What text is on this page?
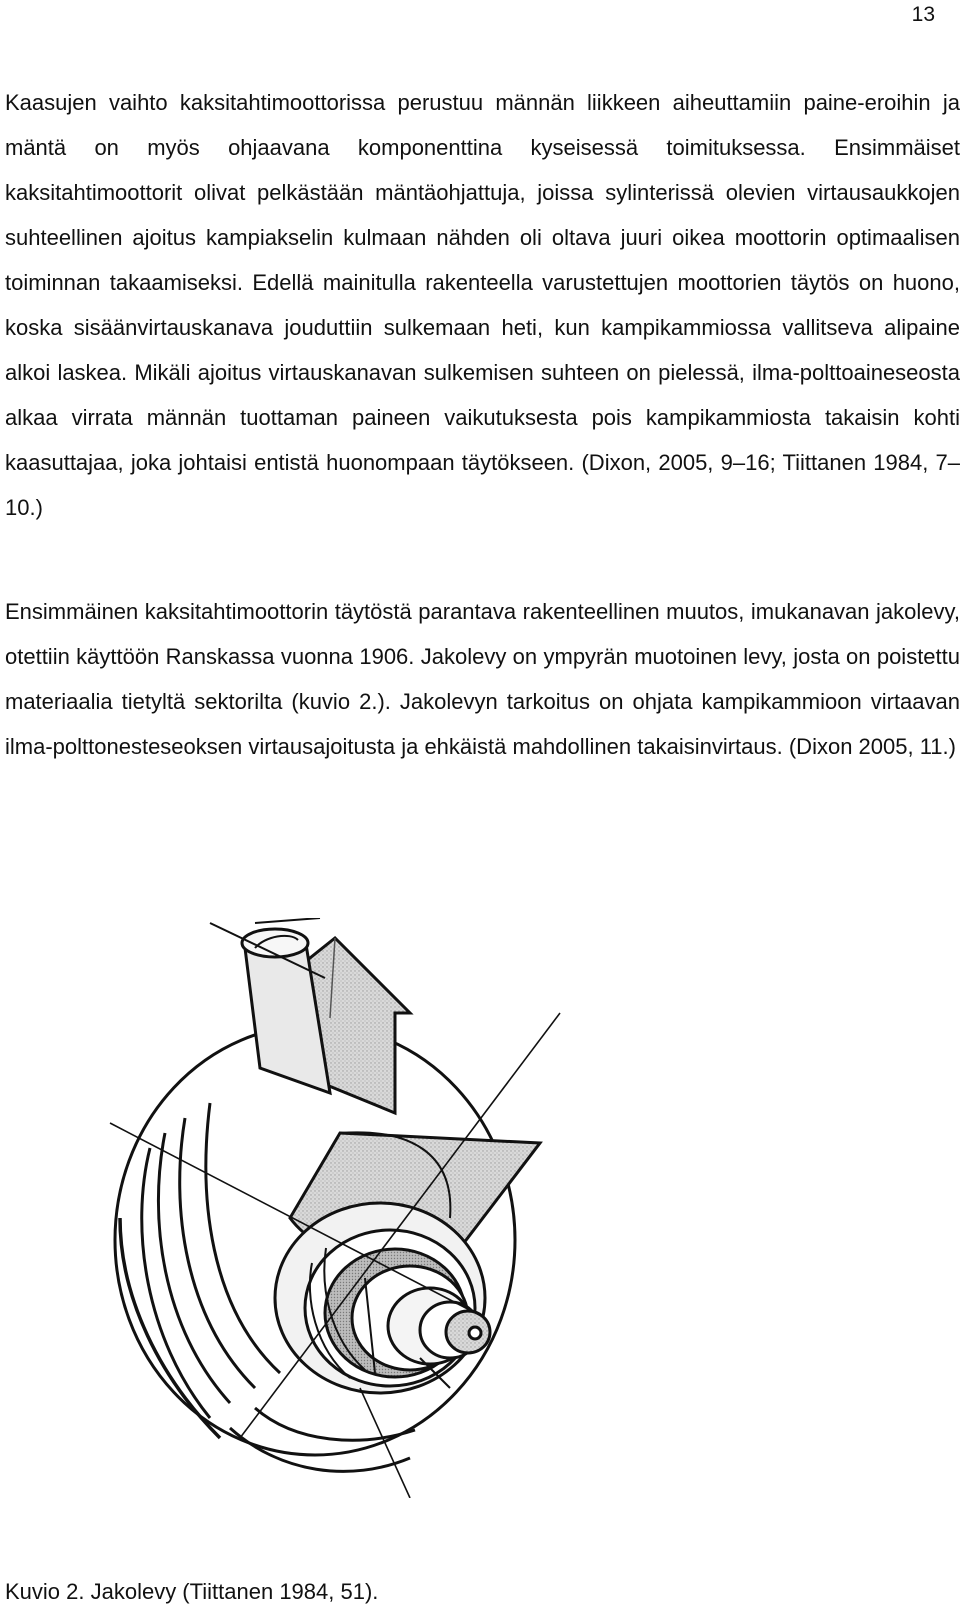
13

Kaasujen vaihto kaksitahtimoottorissa perustuu männän liikkeen aiheuttamiin paine-eroihin ja mäntä on myös ohjaavana komponenttina kyseisessä toimituksessa. Ensimmäiset kaksitahtimoottorit olivat pelkästään mäntäohjattuja, joissa sylinterissä olevien virtausaukkojen suhteellinen ajoitus kampiakselin kulmaan nähden oli oltava juuri oikea moottorin optimaalisen toiminnan takaamiseksi. Edellä mainitulla rakenteella varustettujen moottorien täytös on huono, koska sisäänvirtauskanava jouduttiin sulkemaan heti, kun kampikammiossa vallitseva alipaine alkoi laskea. Mikäli ajoitus virtauskanavan sulkemisen suhteen on pielessä, ilma-polttoaineseosta alkaa virrata männän tuottaman paineen vaikutuksesta pois kampikammiosta takaisin kohti kaasuttajaa, joka johtaisi entistä huonompaan täytökseen. (Dixon, 2005, 9–16; Tiittanen 1984, 7–10.)

Ensimmäinen kaksitahtimoottorin täytöstä parantava rakenteellinen muutos, imukanavan jakolevy, otettiin käyttöön Ranskassa vuonna 1906. Jakolevy on ympyrän muotoinen levy, josta on poistettu materiaalia tietyltä sektorilta (kuvio 2.). Jakolevyn tarkoitus on ohjata kampikammioon virtaavan ilma-polttonesteseoksen virtausajoitusta ja ehkäistä mahdollinen takaisinvirtaus. (Dixon 2005, 11.)

Kuvio 2. Jakolevy (Tiittanen 1984, 51).
